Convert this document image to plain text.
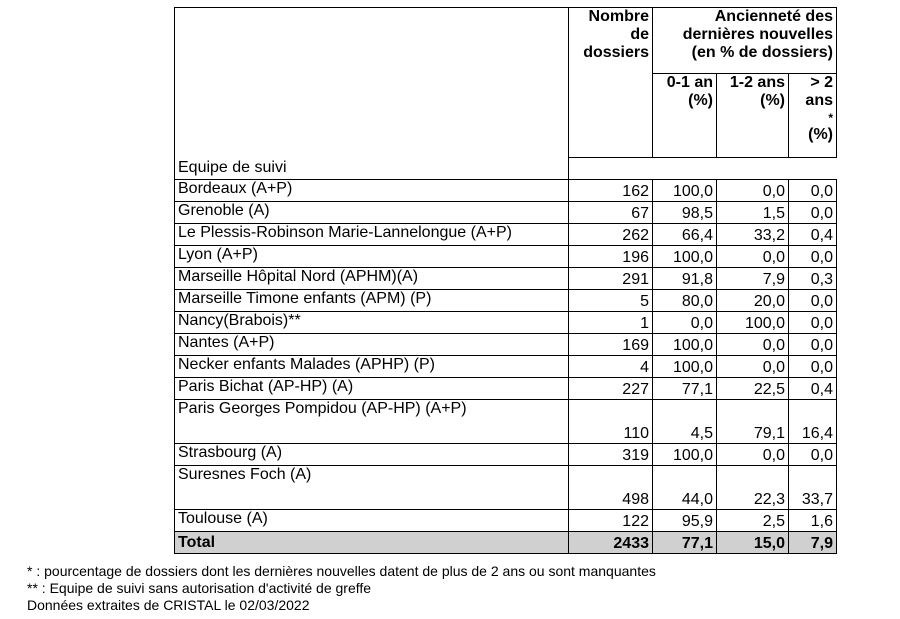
	Nombre de dossiers	Ancienneté des dernières nouvelles (en % de dossiers)		
		0-1 an (%)	1-2 ans (%)	> 2 ans
*
(%)

Equipe de suivi				
Bordeaux (A+P)	162	100,0	0,0	0,0
Grenoble (A)	67	98,5	1,5	0,0
Le Plessis-Robinson Marie-Lannelongue (A+P)	262	66,4	33,2	0,4
Lyon (A+P)	196	100,0	0,0	0,0
Marseille Hôpital Nord (APHM)(A)	291	91,8	7,9	0,3
Marseille Timone enfants (APM) (P)	5	80,0	20,0	0,0
Nancy(Brabois)**	1	0,0	100,0	0,0
Nantes (A+P)	169	100,0	0,0	0,0
Necker enfants Malades (APHP) (P)	4	100,0	0,0	0,0
Paris Bichat (AP-HP) (A)	227	77,1	22,5	0,4
Paris Georges Pompidou (AP-HP) (A+P)	110	4,5	79,1	16,4
Strasbourg (A)	319	100,0	0,0	0,0
Suresnes Foch (A)	498	44,0	22,3	33,7
Toulouse (A)	122	95,9	2,5	1,6
Total	2433	77,1	15,0	7,9
* : pourcentage de dossiers dont les dernières nouvelles datent de plus de 2 ans ou sont manquantes
** : Equipe de suivi sans autorisation d'activité de greffe
Données extraites de CRISTAL le 02/03/2022
